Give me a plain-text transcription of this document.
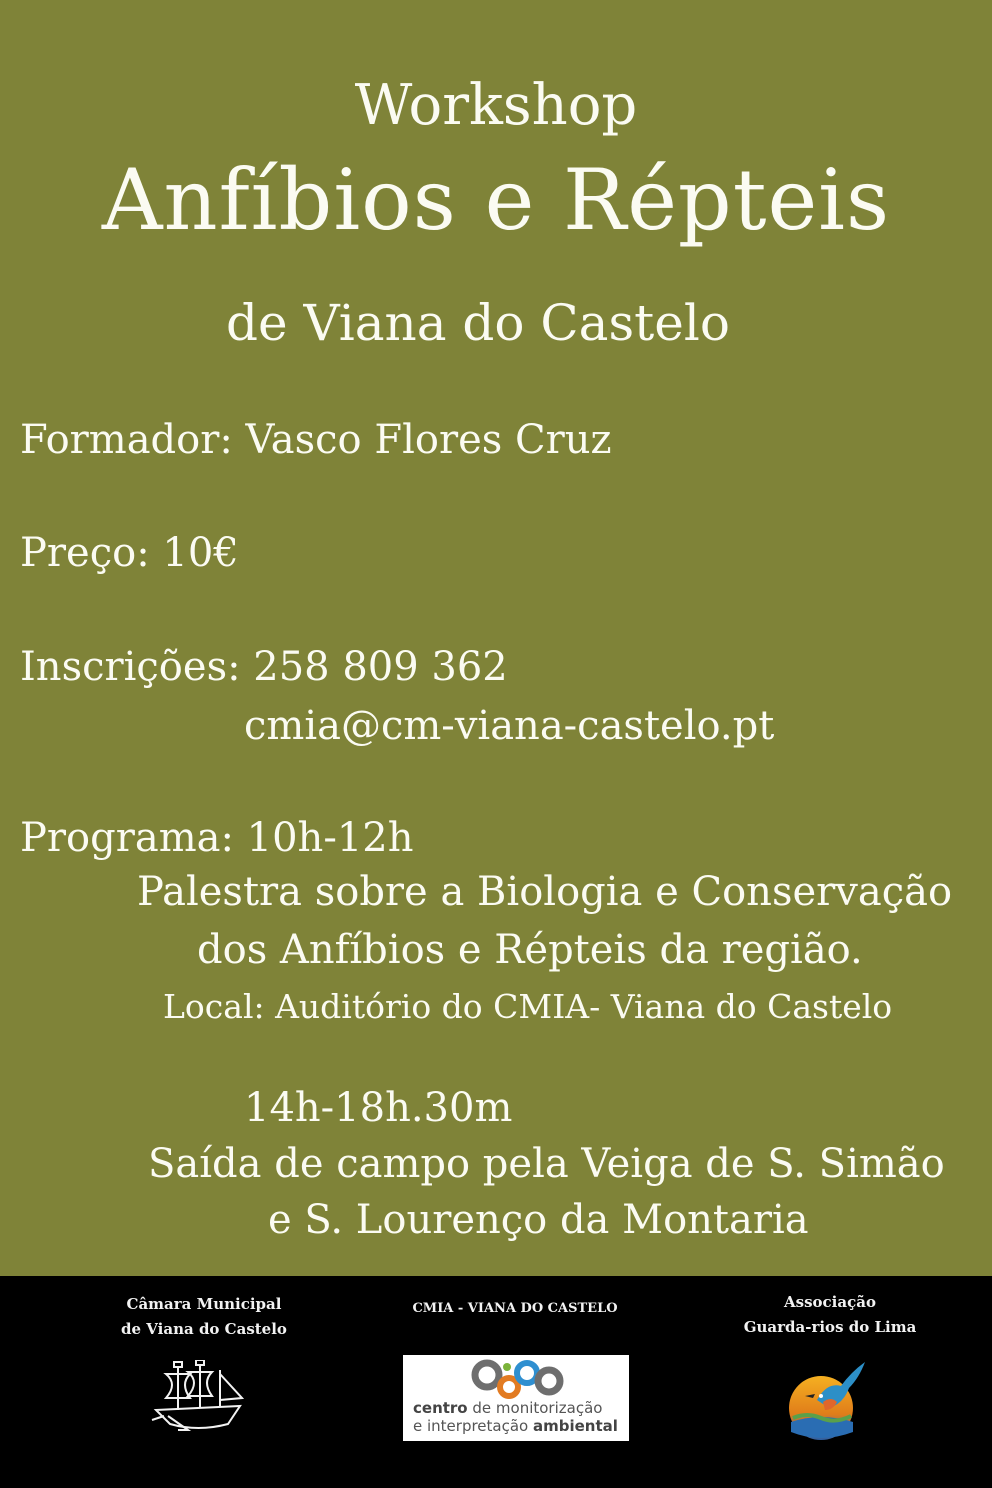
Workshop
Anfíbios e Répteis
de Viana do Castelo
Formador: Vasco Flores Cruz
Preço: 10€
Inscrições: 258 809 362
cmia@cm-viana-castelo.pt
Programa: 10h-12h
Palestra sobre a Biologia e Conservação
dos Anfíbios e Répteis da região.
Local: Auditório do CMIA- Viana do Castelo
14h-18h.30m
Saída de campo pela Veiga de S. Simão
e S. Lourenço da Montaria
Câmara Municipal
de Viana do Castelo
CMIA - VIANA DO CASTELO
centro de monitorização
e interpretação ambiental
Associação
Guarda-rios do Lima
